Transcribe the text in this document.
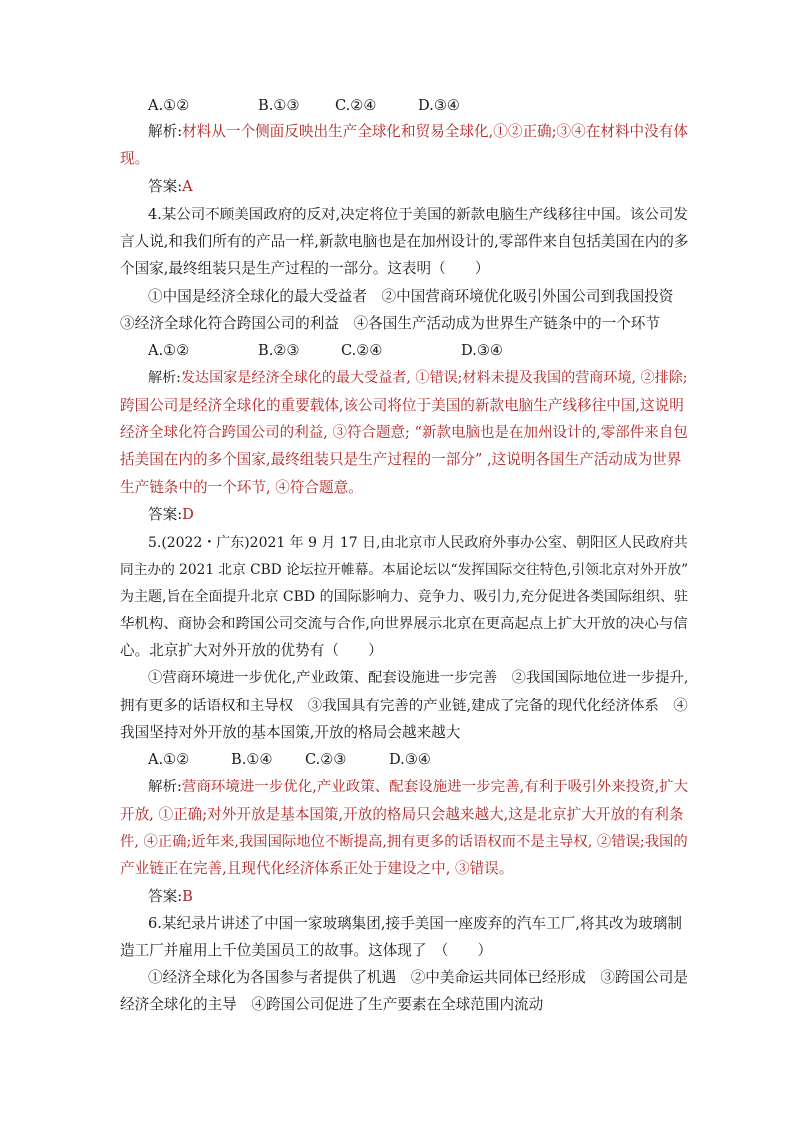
A.①②	B.①③ C.②④	D.③④
解析:材料从一个侧面反映出生产全球化和贸易全球化,①②正确;③④在材料中没有体
现。
答案:A
4.某公司不顾美国政府的反对,决定将位于美国的新款电脑生产线移往中国。该公司发
言人说,和我们所有的产品一样,新款电脑也是在加州设计的,零部件来自包括美国在内的多
个国家,最终组装只是生产过程的一部分。这表明（　　）
①中国是经济全球化的最大受益者　②中国营商环境优化吸引外国公司到我国投资
③经济全球化符合跨国公司的利益　④各国生产活动成为世界生产链条中的一个环节
A.①②	B.②③	C.②④	D.③④
解析:发达国家是经济全球化的最大受益者, ①错误;材料未提及我国的营商环境, ②排除;
跨国公司是经济全球化的重要载体,该公司将位于美国的新款电脑生产线移往中国,这说明
经济全球化符合跨国公司的利益, ③符合题意; “新款电脑也是在加州设计的,零部件来自包
括美国在内的多个国家,最终组装只是生产过程的一部分” ,这说明各国生产活动成为世界
生产链条中的一个环节, ④符合题意。
答案:D
5.(2022・广东)2021 年 9 月 17 日,由北京市人民政府外事办公室、朝阳区人民政府共
同主办的 2021 北京 CBD 论坛拉开帷幕。本届论坛以“发挥国际交往特色,引领北京对外开放”
为主题,旨在全面提升北京 CBD 的国际影响力、竞争力、吸引力,充分促进各类国际组织、驻
华机构、商协会和跨国公司交流与合作,向世界展示北京在更高起点上扩大开放的决心与信
心。北京扩大对外开放的优势有（　　）
①营商环境进一步优化,产业政策、配套设施进一步完善　②我国国际地位进一步提升,
拥有更多的话语权和主导权　③我国具有完善的产业链,建成了完备的现代化经济体系　④
我国坚持对外开放的基本国策,开放的格局会越来越大
A.①②	B.①④ C.②③	D.③④
解析:营商环境进一步优化,产业政策、配套设施进一步完善,有利于吸引外来投资,扩大
开放, ①正确;对外开放是基本国策,开放的格局只会越来越大,这是北京扩大开放的有利条
件, ④正确;近年来,我国国际地位不断提高,拥有更多的话语权而不是主导权, ②错误;我国的
产业链正在完善,且现代化经济体系正处于建设之中, ③错误。
答案:B
6.某纪录片讲述了中国一家玻璃集团,接手美国一座废弃的汽车工厂,将其改为玻璃制
造工厂并雇用上千位美国员工的故事。这体现了　（　　）
①经济全球化为各国参与者提供了机遇　②中美命运共同体已经形成　③跨国公司是
经济全球化的主导　④跨国公司促进了生产要素在全球范围内流动
